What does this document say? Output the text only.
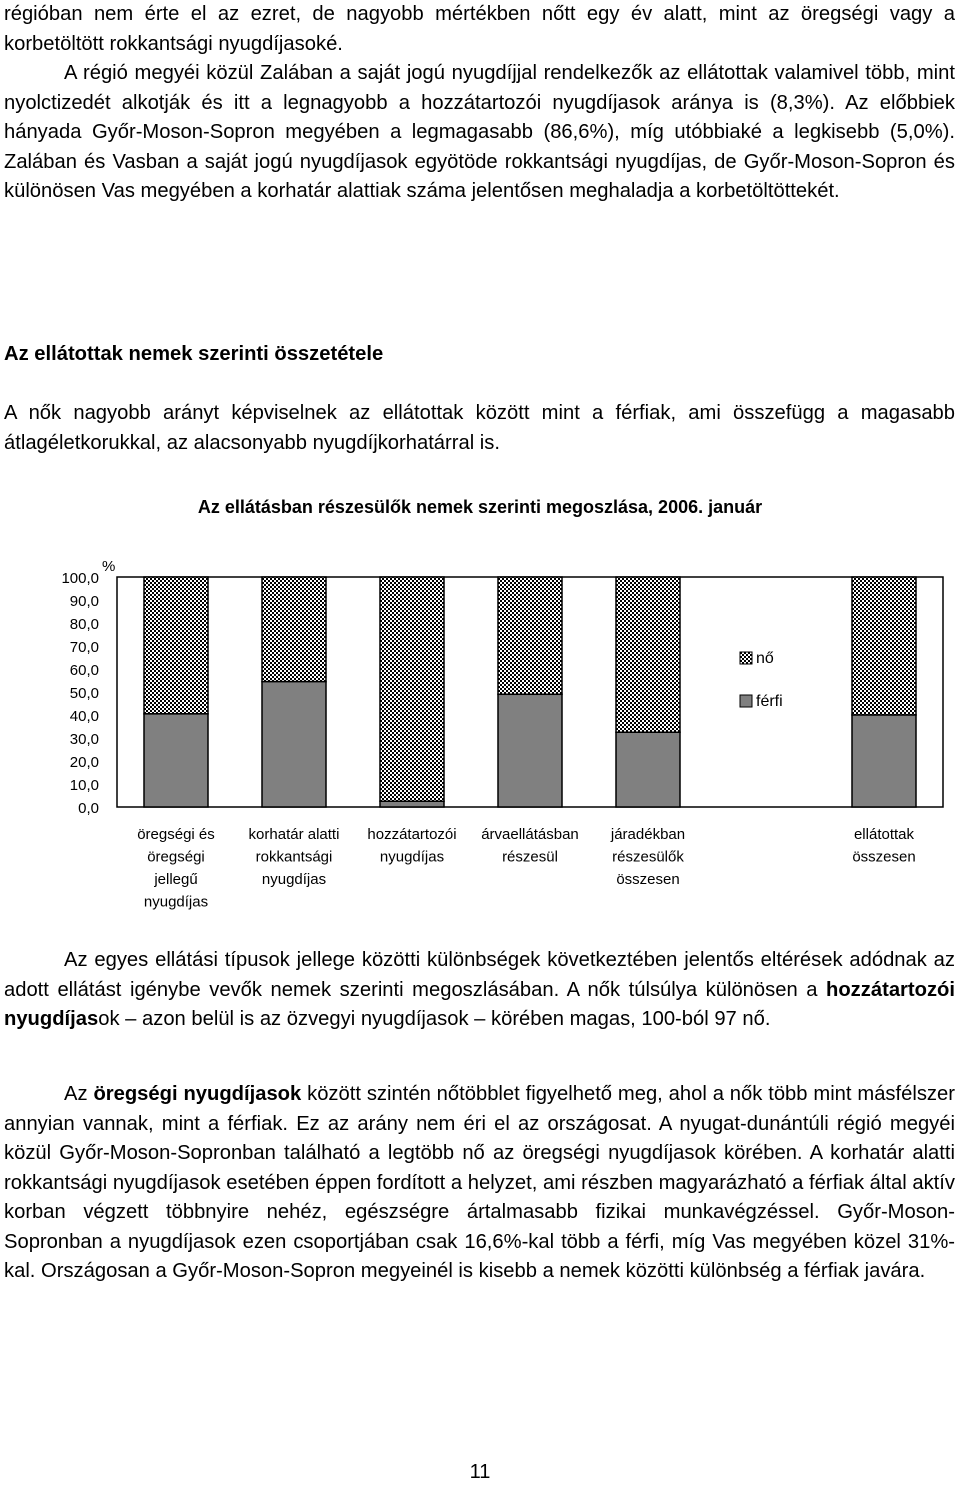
régióban nem érte el az ezret, de nagyobb mértékben nőtt egy év alatt, mint az öregségi vagy a korbetöltött rokkantsági nyugdíjasoké.

A régió megyéi közül Zalában a saját jogú nyugdíjjal rendelkezők az ellátottak valamivel több, mint nyolctizedét alkotják és itt a legnagyobb a hozzátartozói nyugdíjasok aránya is (8,3%). Az előbbiek hányada Győr-Moson-Sopron megyében a legmagasabb (86,6%), míg utóbbiaké a legkisebb (5,0%). Zalában és Vasban a saját jogú nyugdíjasok egyötöde rokkantsági nyugdíjas, de Győr-Moson-Sopron és különösen Vas megyében a korhatár alattiak száma jelentősen meghaladja a korbetöltöttekét.

Az ellátottak nemek szerinti összetétele

A nők nagyobb arányt képviselnek az ellátottak között mint a férfiak, ami összefügg a magasabb átlagéletkorukkal, az alacsonyabb nyugdíjkorhatárral is.

Az ellátásban részesülők nemek szerinti megoszlása, 2006. január
0,0
10,0
20,0
30,0
40,0
50,0
60,0
70,0
80,0
90,0
100,0
%
öregségi és
öregségi
jellegű
nyugdíjas
korhatár alatti
rokkantsági
nyugdíjas
hozzátartozói
nyugdíjas
árvaellátásban
részesül
járadékban
részesülők
összesen
ellátottak
összesen
nő
férfi

Az egyes ellátási típusok jellege közötti különbségek következtében jelentős eltérések adódnak az adott ellátást igénybe vevők nemek szerinti megoszlásában. A nők túlsúlya különösen a hozzátartozói nyugdíjasok – azon belül is az özvegyi nyugdíjasok – körében magas, 100-ból 97 nő.

Az öregségi nyugdíjasok között szintén nőtöbblet figyelhető meg, ahol a nők több mint másfélszer annyian vannak, mint a férfiak. Ez az arány nem éri el az országosat. A nyugat-dunántúli régió megyéi közül Győr-Moson-Sopronban található a legtöbb nő az öregségi nyugdíjasok körében. A korhatár alatti rokkantsági nyugdíjasok esetében éppen fordított a helyzet, ami részben magyarázható a férfiak által aktív korban végzett többnyire nehéz, egészségre ártalmasabb fizikai munkavégzéssel. Győr-Moson-Sopronban a nyugdíjasok ezen csoportjában csak 16,6%-kal több a férfi, míg Vas megyében közel 31%-kal. Országosan a Győr-Moson-Sopron megyeinél is kisebb a nemek közötti különbség a férfiak javára.

11
